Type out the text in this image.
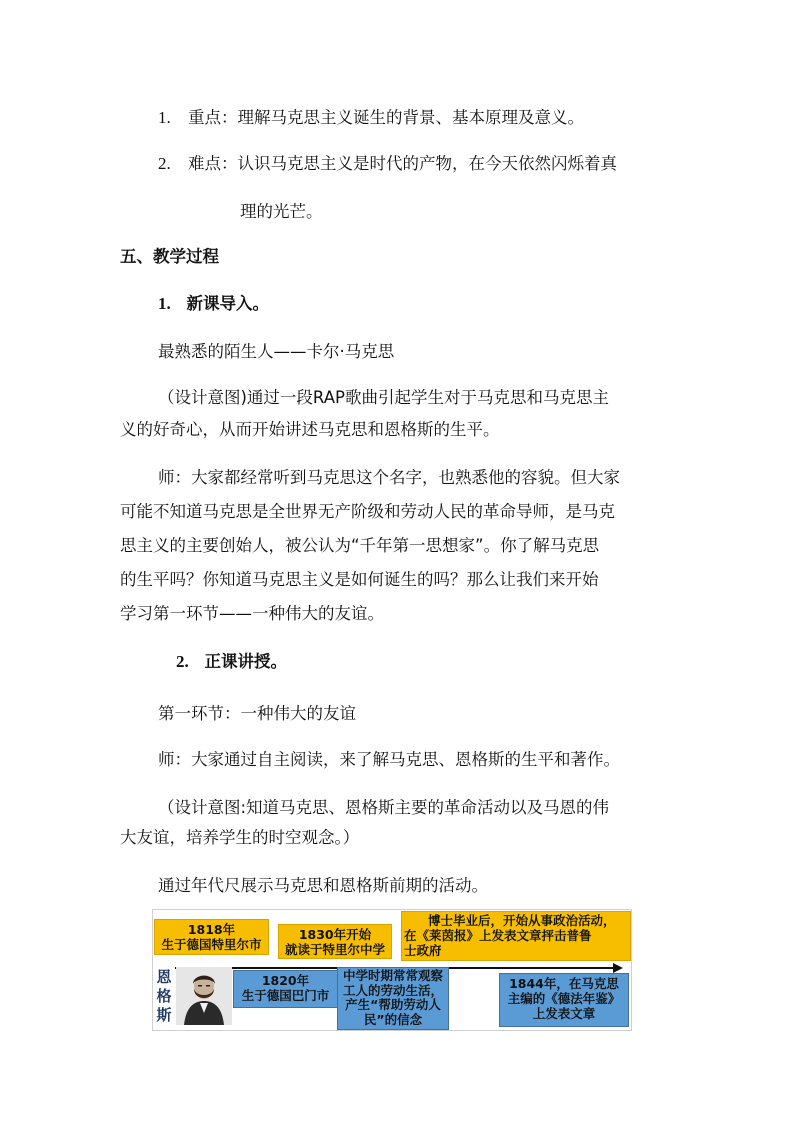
1. 重点：理解马克思主义诞生的背景、基本原理及意义。
2. 难点：认识马克思主义是时代的产物，在今天依然闪烁着真
理的光芒。
五、教学过程
1. 新课导入。
最熟悉的陌生人——卡尔·马克思
（设计意图)通过一段RAP歌曲引起学生对于马克思和马克思主
义的好奇心，从而开始讲述马克思和恩格斯的生平。
师：大家都经常听到马克思这个名字，也熟悉他的容貌。但大家
可能不知道马克思是全世界无产阶级和劳动人民的革命导师，是马克
思主义的主要创始人，被公认为“千年第一思想家”。你了解马克思
的生平吗？你知道马克思主义是如何诞生的吗？那么让我们来开始
学习第一环节——一种伟大的友谊。
2. 正课讲授。
第一环节：一种伟大的友谊
师：大家通过自主阅读，来了解马克思、恩格斯的生平和著作。
（设计意图:知道马克思、恩格斯主要的革命活动以及马恩的伟
大友谊，培养学生的时空观念。）
通过年代尺展示马克思和恩格斯前期的活动。
1818年
生于德国特里尔市
1830年开始
就读于特里尔中学
博士毕业后，开始从事政治活动，
在《莱茵报》上发表文章抨击普鲁
士政府
恩格斯
1820年
生于德国巴门市
中学时期常常观察
工人的劳动生活，
产生“帮助劳动人
民”的信念
1844年，在马克思
主编的《德法年鉴》
上发表文章
